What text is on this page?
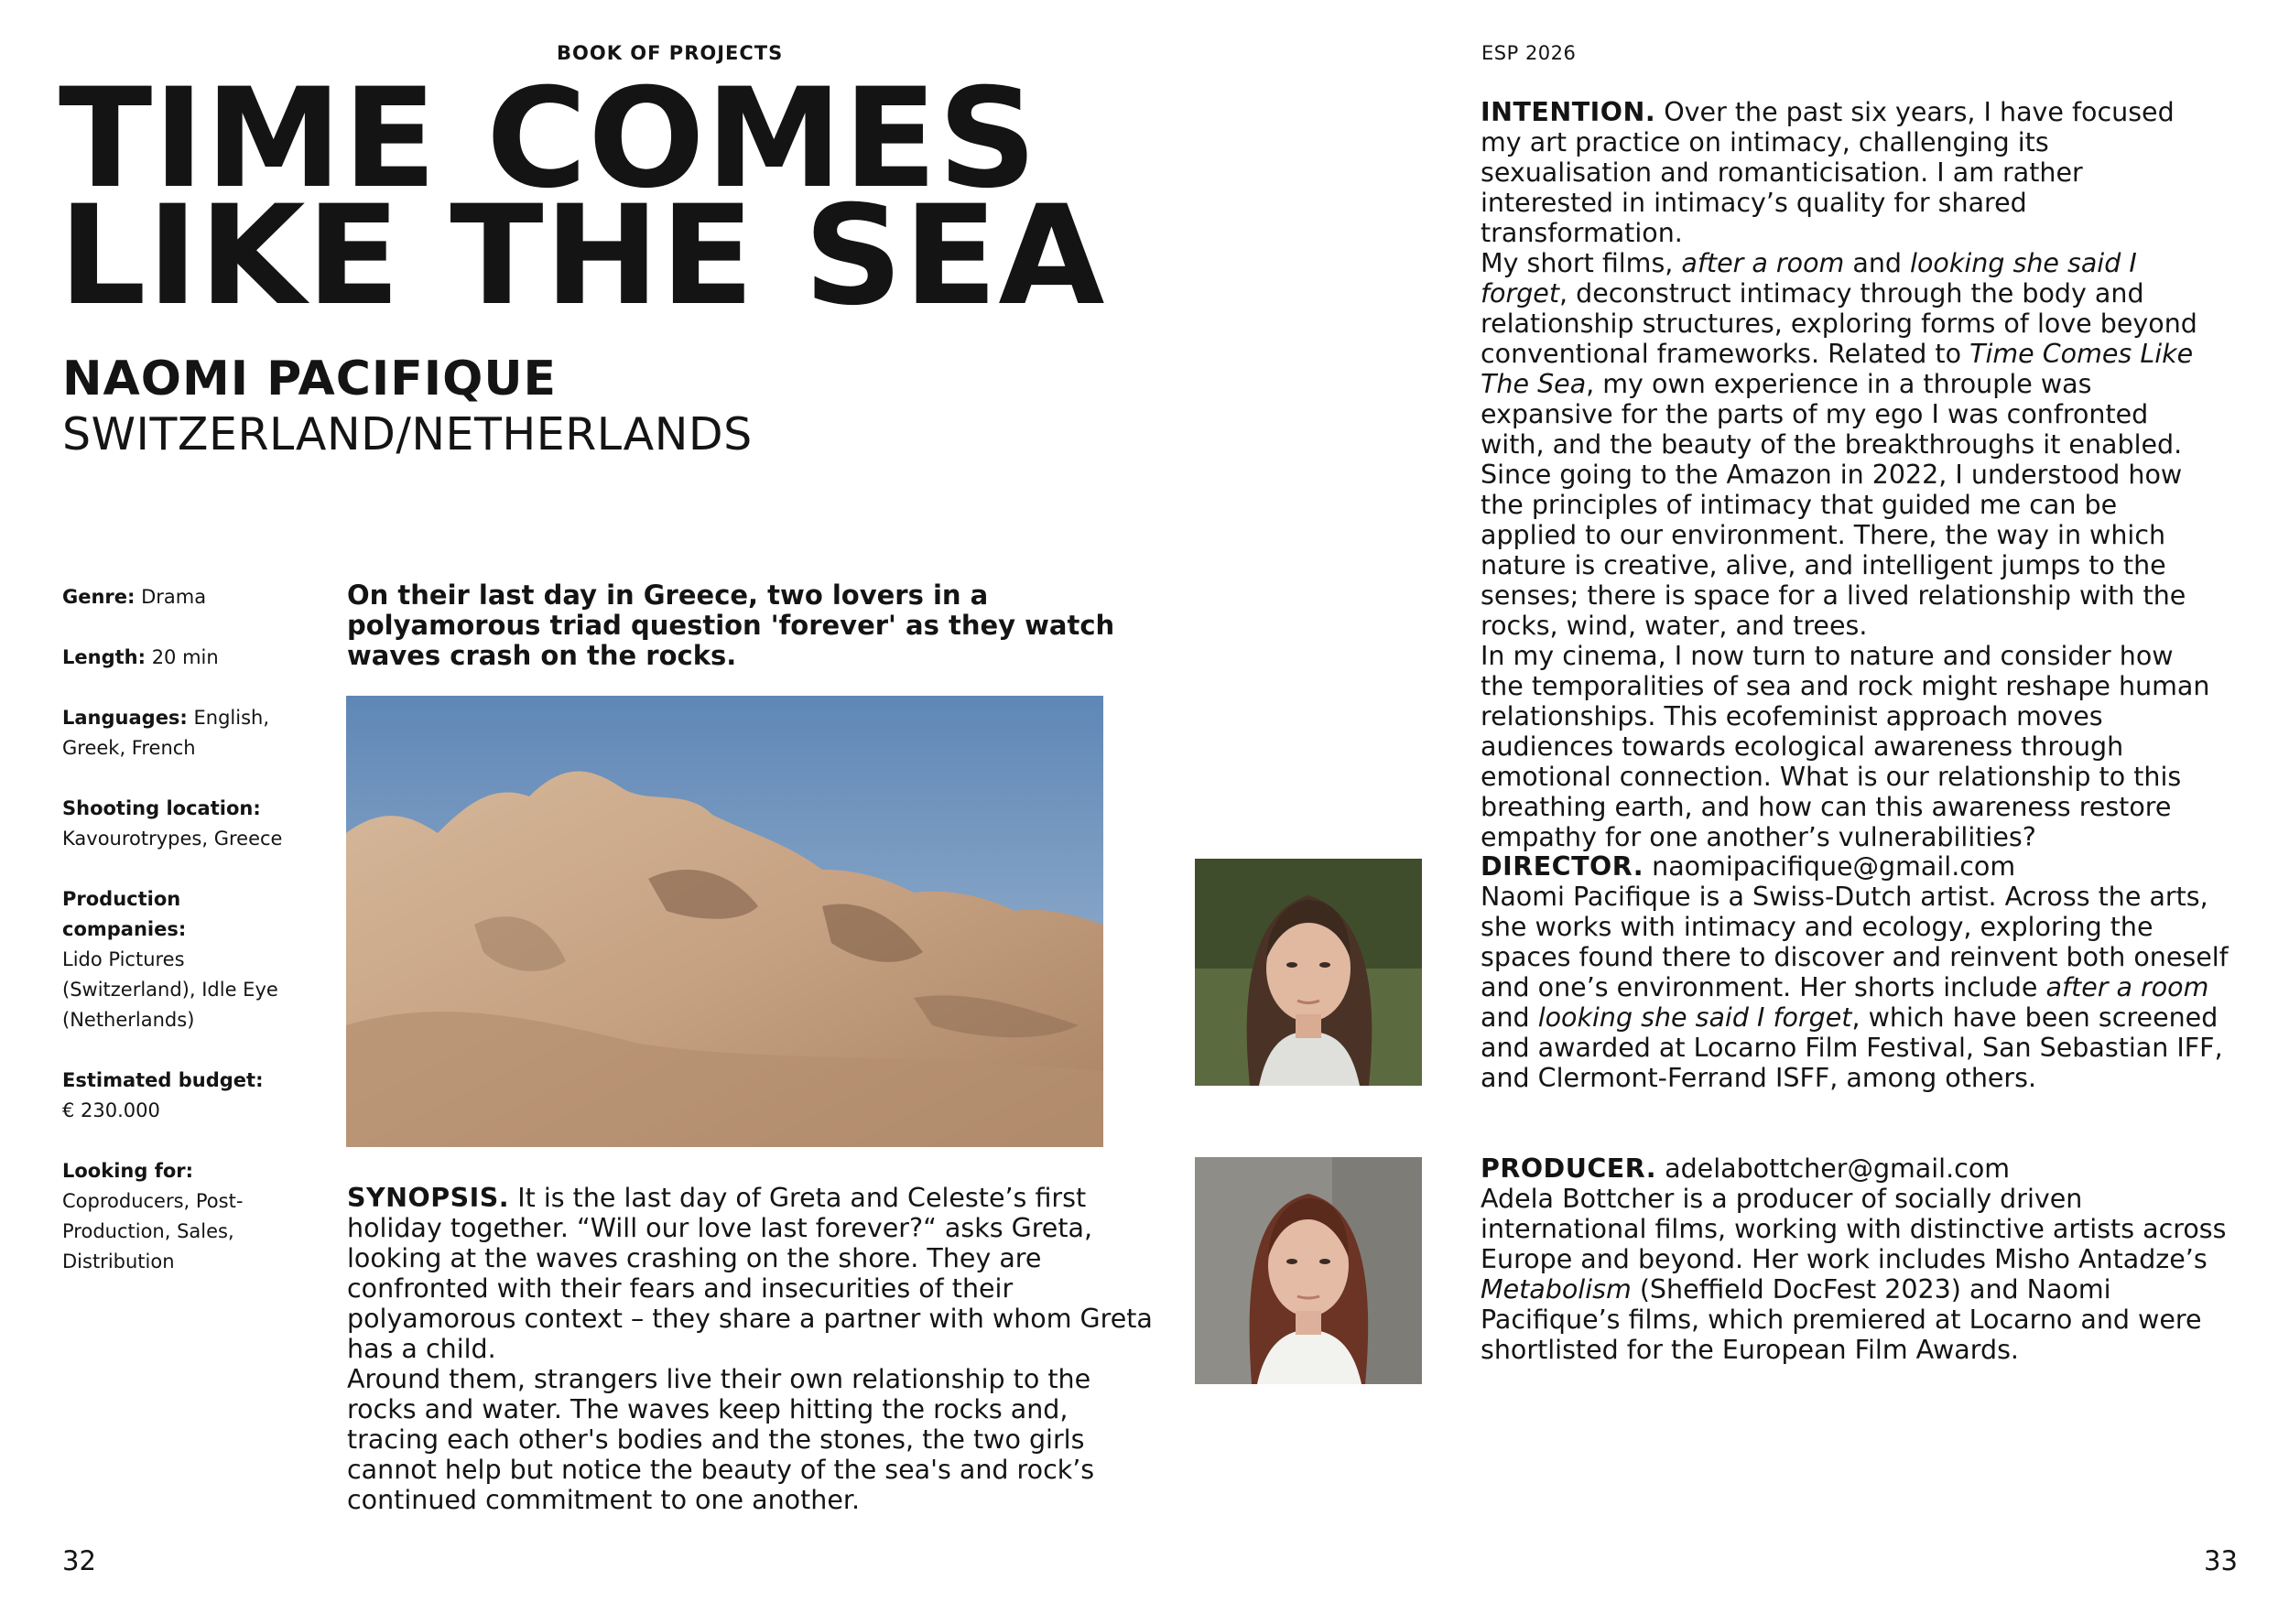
BOOK OF PROJECTS	ESP 2026
TIME COMES
LIKE THE SEA
NAOMI PACIFIQUE
SWITZERLAND/NETHERLANDS
Genre: Drama
Length: 20 min
Languages: English, Greek, French
Shooting location:
Kavourotrypes, Greece
Production companies:
Lido Pictures (Switzerland), Idle Eye (Netherlands)
Estimated budget:
€ 230.000
Looking for:
Coproducers, Post-Production, Sales, Distribution
On their last day in Greece, two lovers in a polyamorous triad question 'forever' as they watch waves crash on the rocks.

SYNOPSIS. It is the last day of Greta and Celeste’s first holiday together. “Will our love last forever?“ asks Greta, looking at the waves crashing on the shore. They are confronted with their fears and insecurities of their polyamorous context – they share a partner with whom Greta has a child.

Around them, strangers live their own relationship to the rocks and water. The waves keep hitting the rocks and, tracing each other's bodies and the stones, the two girls cannot help but notice the beauty of the sea's and rock’s continued commitment to one another.

INTENTION. Over the past six years, I have focused my art practice on intimacy, challenging its sexualisation and romanticisation. I am rather interested in intimacy’s quality for shared transformation.

My short films, after a room and looking she said I forget, deconstruct intimacy through the body and relationship structures, exploring forms of love beyond conventional frameworks. Related to Time Comes Like The Sea, my own experience in a throuple was expansive for the parts of my ego I was confronted with, and the beauty of the breakthroughs it enabled.

Since going to the Amazon in 2022, I understood how the principles of intimacy that guided me can be applied to our environment. There, the way in which nature is creative, alive, and intelligent jumps to the senses; there is space for a lived relationship with the rocks, wind, water, and trees.

In my cinema, I now turn to nature and consider how the temporalities of sea and rock might reshape human relationships. This ecofeminist approach moves audiences towards ecological awareness through emotional connection. What is our relationship to this breathing earth, and how can this awareness restore empathy for one another’s vulnerabilities?

DIRECTOR. naomipacifique@gmail.com

Naomi Pacifique is a Swiss-Dutch artist. Across the arts, she works with intimacy and ecology, exploring the spaces found there to discover and reinvent both oneself and one’s environment. Her shorts include after a room and looking she said I forget, which have been screened and awarded at Locarno Film Festival, San Sebastian IFF, and Clermont-Ferrand ISFF, among others.

PRODUCER. adelabottcher@gmail.com

Adela Bottcher is a producer of socially driven international films, working with distinctive artists across Europe and beyond. Her work includes Misho Antadze’s Metabolism (Sheffield DocFest 2023) and Naomi Pacifique’s films, which premiered at Locarno and were shortlisted for the European Film Awards.

32	33
